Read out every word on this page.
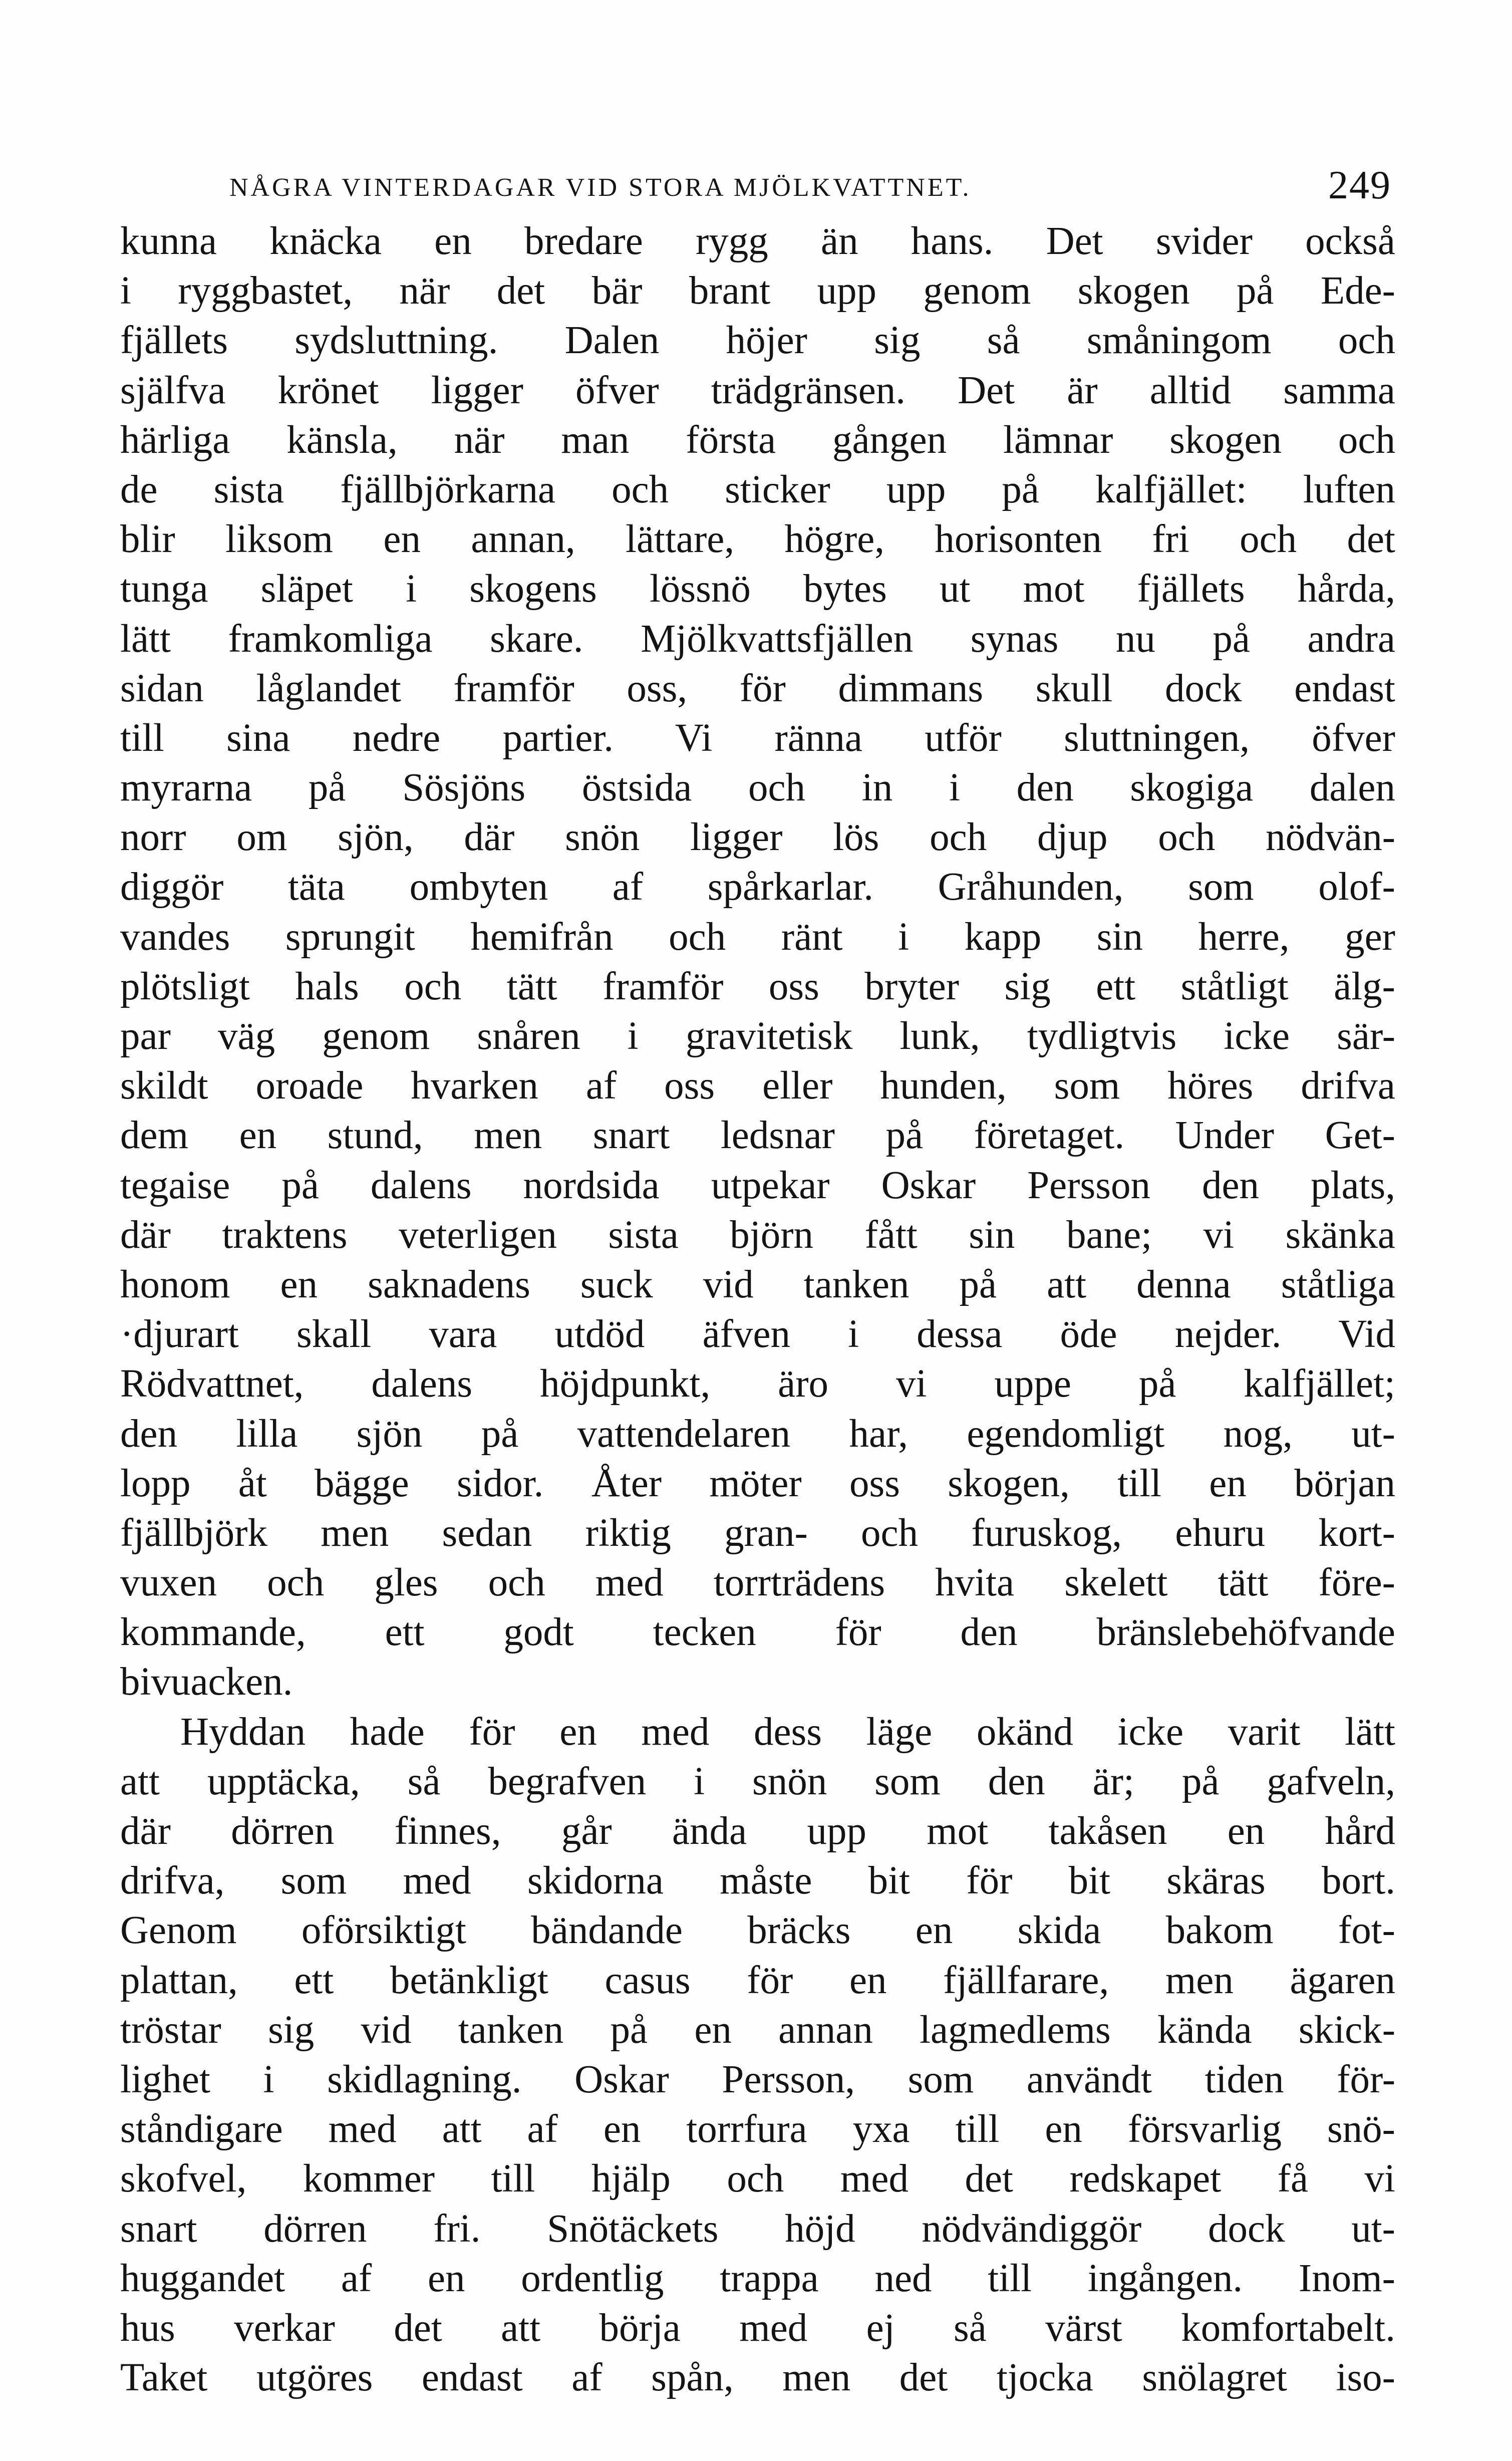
NÅGRA VINTERDAGAR VID STORA MJÖLKVATTNET.	249
kunna knäcka en bredare rygg än hans. Det svider också
i ryggbastet, när det bär brant upp genom skogen på Ede-
fjällets sydsluttning. Dalen höjer sig så småningom och
själfva krönet ligger öfver trädgränsen. Det är alltid samma
härliga känsla, när man första gången lämnar skogen och
de sista fjällbjörkarna och sticker upp på kalfjället: luften
blir liksom en annan, lättare, högre, horisonten fri och det
tunga släpet i skogens lössnö bytes ut mot fjällets hårda,
lätt framkomliga skare. Mjölkvattsfjällen synas nu på andra
sidan låglandet framför oss, för dimmans skull dock endast
till sina nedre partier. Vi ränna utför sluttningen, öfver
myrarna på Sösjöns östsida och in i den skogiga dalen
norr om sjön, där snön ligger lös och djup och nödvän-
diggör täta ombyten af spårkarlar. Gråhunden, som olof-
vandes sprungit hemifrån och ränt i kapp sin herre, ger
plötsligt hals och tätt framför oss bryter sig ett ståtligt älg-
par väg genom snåren i gravitetisk lunk, tydligtvis icke sär-
skildt oroade hvarken af oss eller hunden, som höres drifva
dem en stund, men snart ledsnar på företaget. Under Get-
tegaise på dalens nordsida utpekar Oskar Persson den plats,
där traktens veterligen sista björn fått sin bane; vi skänka
honom en saknadens suck vid tanken på att denna ståtliga
·djurart skall vara utdöd äfven i dessa öde nejder. Vid
Rödvattnet, dalens höjdpunkt, äro vi uppe på kalfjället;
den lilla sjön på vattendelaren har, egendomligt nog, ut-
lopp åt bägge sidor. Åter möter oss skogen, till en början
fjällbjörk men sedan riktig gran- och furuskog, ehuru kort-
vuxen och gles och med torrträdens hvita skelett tätt före-
kommande, ett godt tecken för den bränslebehöfvande
bivuacken.
Hyddan hade för en med dess läge okänd icke varit lätt
att upptäcka, så begrafven i snön som den är; på gafveln,
där dörren finnes, går ända upp mot takåsen en hård
drifva, som med skidorna måste bit för bit skäras bort.
Genom oförsiktigt bändande bräcks en skida bakom fot-
plattan, ett betänkligt casus för en fjällfarare, men ägaren
tröstar sig vid tanken på en annan lagmedlems kända skick-
lighet i skidlagning. Oskar Persson, som användt tiden för-
ståndigare med att af en torrfura yxa till en försvarlig snö-
skofvel, kommer till hjälp och med det redskapet få vi
snart dörren fri. Snötäckets höjd nödvändiggör dock ut-
huggandet af en ordentlig trappa ned till ingången. Inom-
hus verkar det att börja med ej så värst komfortabelt.
Taket utgöres endast af spån, men det tjocka snölagret iso-
